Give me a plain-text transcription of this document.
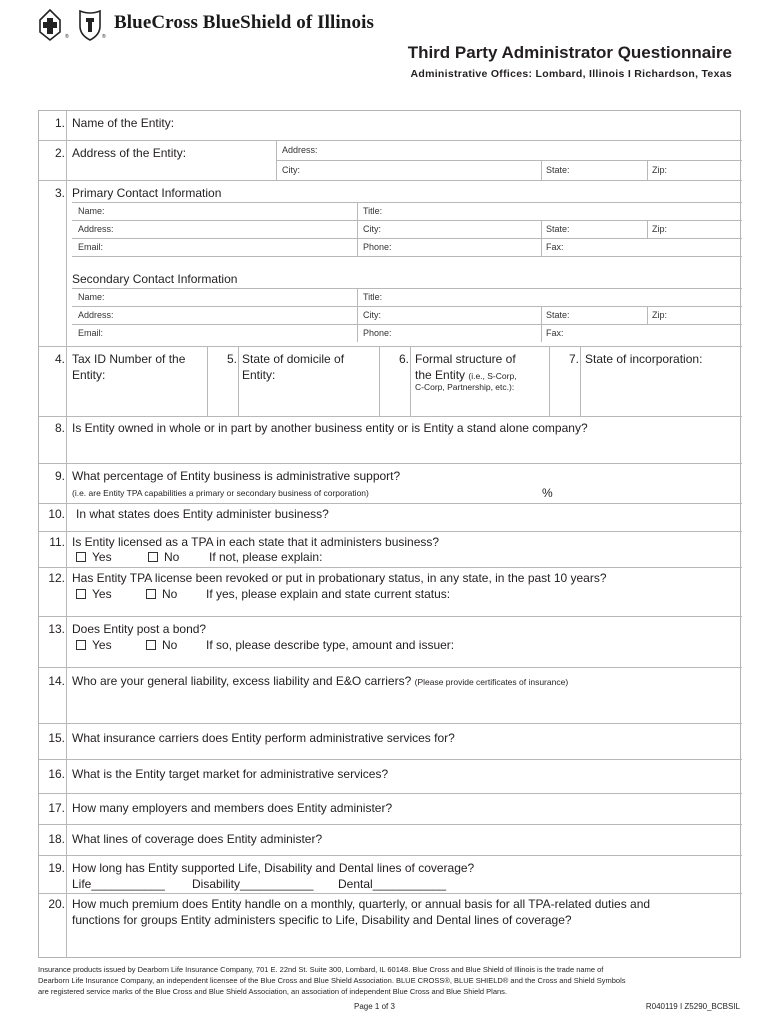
®	®
BlueCross BlueShield of Illinois
Third Party Administrator Questionnaire
Administrative Offices: Lombard, Illinois I Richardson, Texas
1. Name of the Entity:
2. Address of the Entity:	Address:
City:	State:	Zip:
3. Primary Contact Information
Name:	Title:
Address:	City:	State:	Zip:
Email:	Phone:	Fax:
Secondary Contact Information
Name:	Title:
Address:	City:	State:	Zip:
Email:	Phone:	Fax:
4. Tax ID Number of the
Entity:
5. State of domicile of
Entity:
6. Formal structure of
the Entity (i.e., S-Corp,
C-Corp, Partnership, etc.):
7. State of incorporation:
8. Is Entity owned in whole or in part by another business entity or is Entity a stand alone company?
9. What percentage of Entity business is administrative support?
(i.e. are Entity TPA capabilities a primary or secondary business of corporation)	%
10. In what states does Entity administer business?
11. Is Entity licensed as a TPA in each state that it administers business?
Yes	No If not, please explain:
12. Has Entity TPA license been revoked or put in probationary status, in any state, in the past 10 years?
Yes	No If yes, please explain and state current status:
13. Does Entity post a bond?
Yes	No If so, please describe type, amount and issuer:
14. Who are your general liability, excess liability and E&O carriers? (Please provide certificates of insurance)
15. What insurance carriers does Entity perform administrative services for?
16. What is the Entity target market for administrative services?
17. How many employers and members does Entity administer?
18. What lines of coverage does Entity administer?
19. How long has Entity supported Life, Disability and Dental lines of coverage?
Life___________ Disability___________ Dental___________
20. How much premium does Entity handle on a monthly, quarterly, or annual basis for all TPA-related duties and
functions for groups Entity administers specific to Life, Disability and Dental lines of coverage?
Insurance products issued by Dearborn Life Insurance Company, 701 E. 22nd St. Suite 300, Lombard, IL 60148. Blue Cross and Blue Shield of Illinois is the trade name of
Dearborn Life Insurance Company, an independent licensee of the Blue Cross and Blue Shield Association. BLUE CROSS®, BLUE SHIELD® and the Cross and Shield Symbols
are registered service marks of the Blue Cross and Blue Shield Association, an association of independent Blue Cross and Blue Shield Plans.
Page 1 of 3	R040119 I Z5290_BCBSIL
